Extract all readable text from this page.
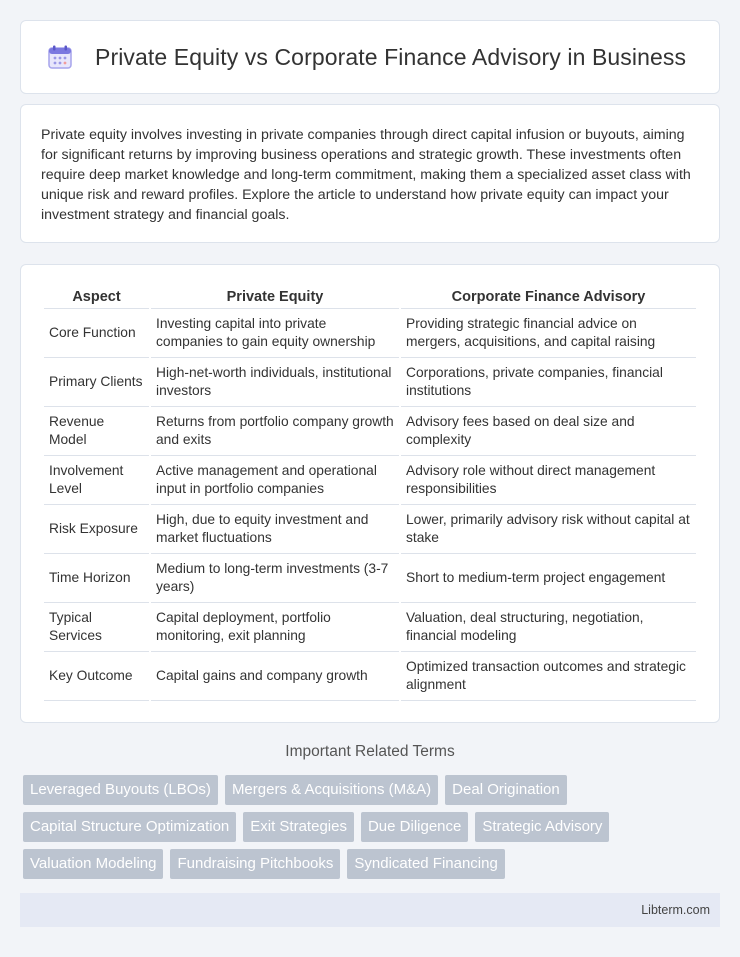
Private Equity vs Corporate Finance Advisory in Business

Private equity involves investing in private companies through direct capital infusion or buyouts, aiming for significant returns by improving business operations and strategic growth. These investments often require deep market knowledge and long-term commitment, making them a specialized asset class with unique risk and reward profiles. Explore the article to understand how private equity can impact your investment strategy and financial goals.

Aspect	Private Equity	Corporate Finance Advisory
Core Function	Investing capital into private companies to gain equity ownership	Providing strategic financial advice on mergers, acquisitions, and capital raising
Primary Clients	High-net-worth individuals, institutional investors	Corporations, private companies, financial institutions
Revenue Model	Returns from portfolio company growth and exits	Advisory fees based on deal size and complexity
Involvement Level	Active management and operational input in portfolio companies	Advisory role without direct management responsibilities
Risk Exposure	High, due to equity investment and market fluctuations	Lower, primarily advisory risk without capital at stake
Time Horizon	Medium to long-term investments (3-7 years)	Short to medium-term project engagement
Typical Services	Capital deployment, portfolio monitoring, exit planning	Valuation, deal structuring, negotiation, financial modeling
Key Outcome	Capital gains and company growth	Optimized transaction outcomes and strategic alignment
Important Related Terms
Leveraged Buyouts (LBOs)	Mergers & Acquisitions (M&A)	Deal Origination
Capital Structure Optimization	Exit Strategies	Due Diligence	Strategic Advisory
Valuation Modeling	Fundraising Pitchbooks	Syndicated Financing
Libterm.com
